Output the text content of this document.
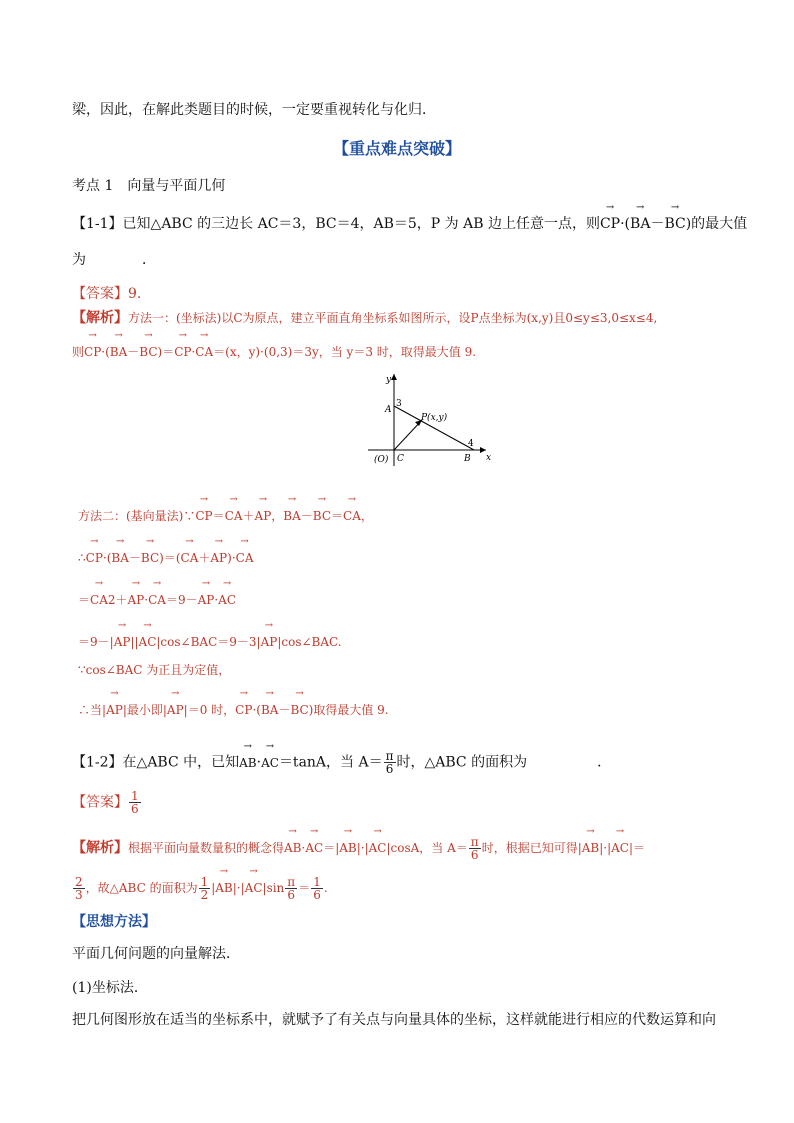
梁，因此，在解此类题目的时候，一定要重视转化与化归．
【重点难点突破】
考点 1　向量与平面几何
【1-1】已知△ABC 的三边长 AC＝3，BC＝4，AB＝5，P 为 AB 边上任意一点，则→ CP·(→ BA－→ BC)的最大值
为　　　　．
【答案】9.
【解析】方法一：(坐标法)以C为原点，建立平面直角坐标系如图所示，设P点坐标为(x,y)且0≤y≤3,0≤x≤4,
则→ CP·(→ BA－→ BC)＝→ CP·→ CA＝(x，y)·(0,3)＝3y，当 y＝3 时，取得最大值 9.
y
x
A
3
P(x,y)
4
(O) C	B
方法二：(基向量法)∵→ CP＝→ CA＋→ AP，→ BA－→ BC＝→ CA，
∴→ CP·(→ BA－→ BC)＝(→ CA＋→ AP)·→ CA
＝→ CA2＋→ AP·→ CA＝9－→ AP·→ AC
＝9－|→ AP||→ AC|cos∠BAC＝9－3|→ AP|cos∠BAC.
∵cos∠BAC 为正且为定值，
∴当|→ AP|最小即|→ AP|＝0 时，→ CP·(→ BA－→ BC)取得最大值 9.
【1-2】在△ABC 中，已知→ AB·→ AC＝tanA，当 $A= \frac{\pi}{6}$ 时，△ABC 的面积为　　　　　．
【答案】 $\frac{1}{6}$
【解析】根据平面向量数量积的概念得→ AB·→ AC＝|→ AB|·|→ AC|cosA，当 $A= \frac{\pi}{6}$ 时，根据已知可得|→ AB|·|→ AC|＝
$\frac{2}{3}$ ，故△ABC 的面积为 $\frac{1}{2}$ |→ $AB|\cdot|\to AC|\sin \frac{\pi}{6} = \frac{1}{6}$ .
【思想方法】
平面几何问题的向量解法．
(1)坐标法．
把几何图形放在适当的坐标系中，就赋予了有关点与向量具体的坐标，这样就能进行相应的代数运算和向
